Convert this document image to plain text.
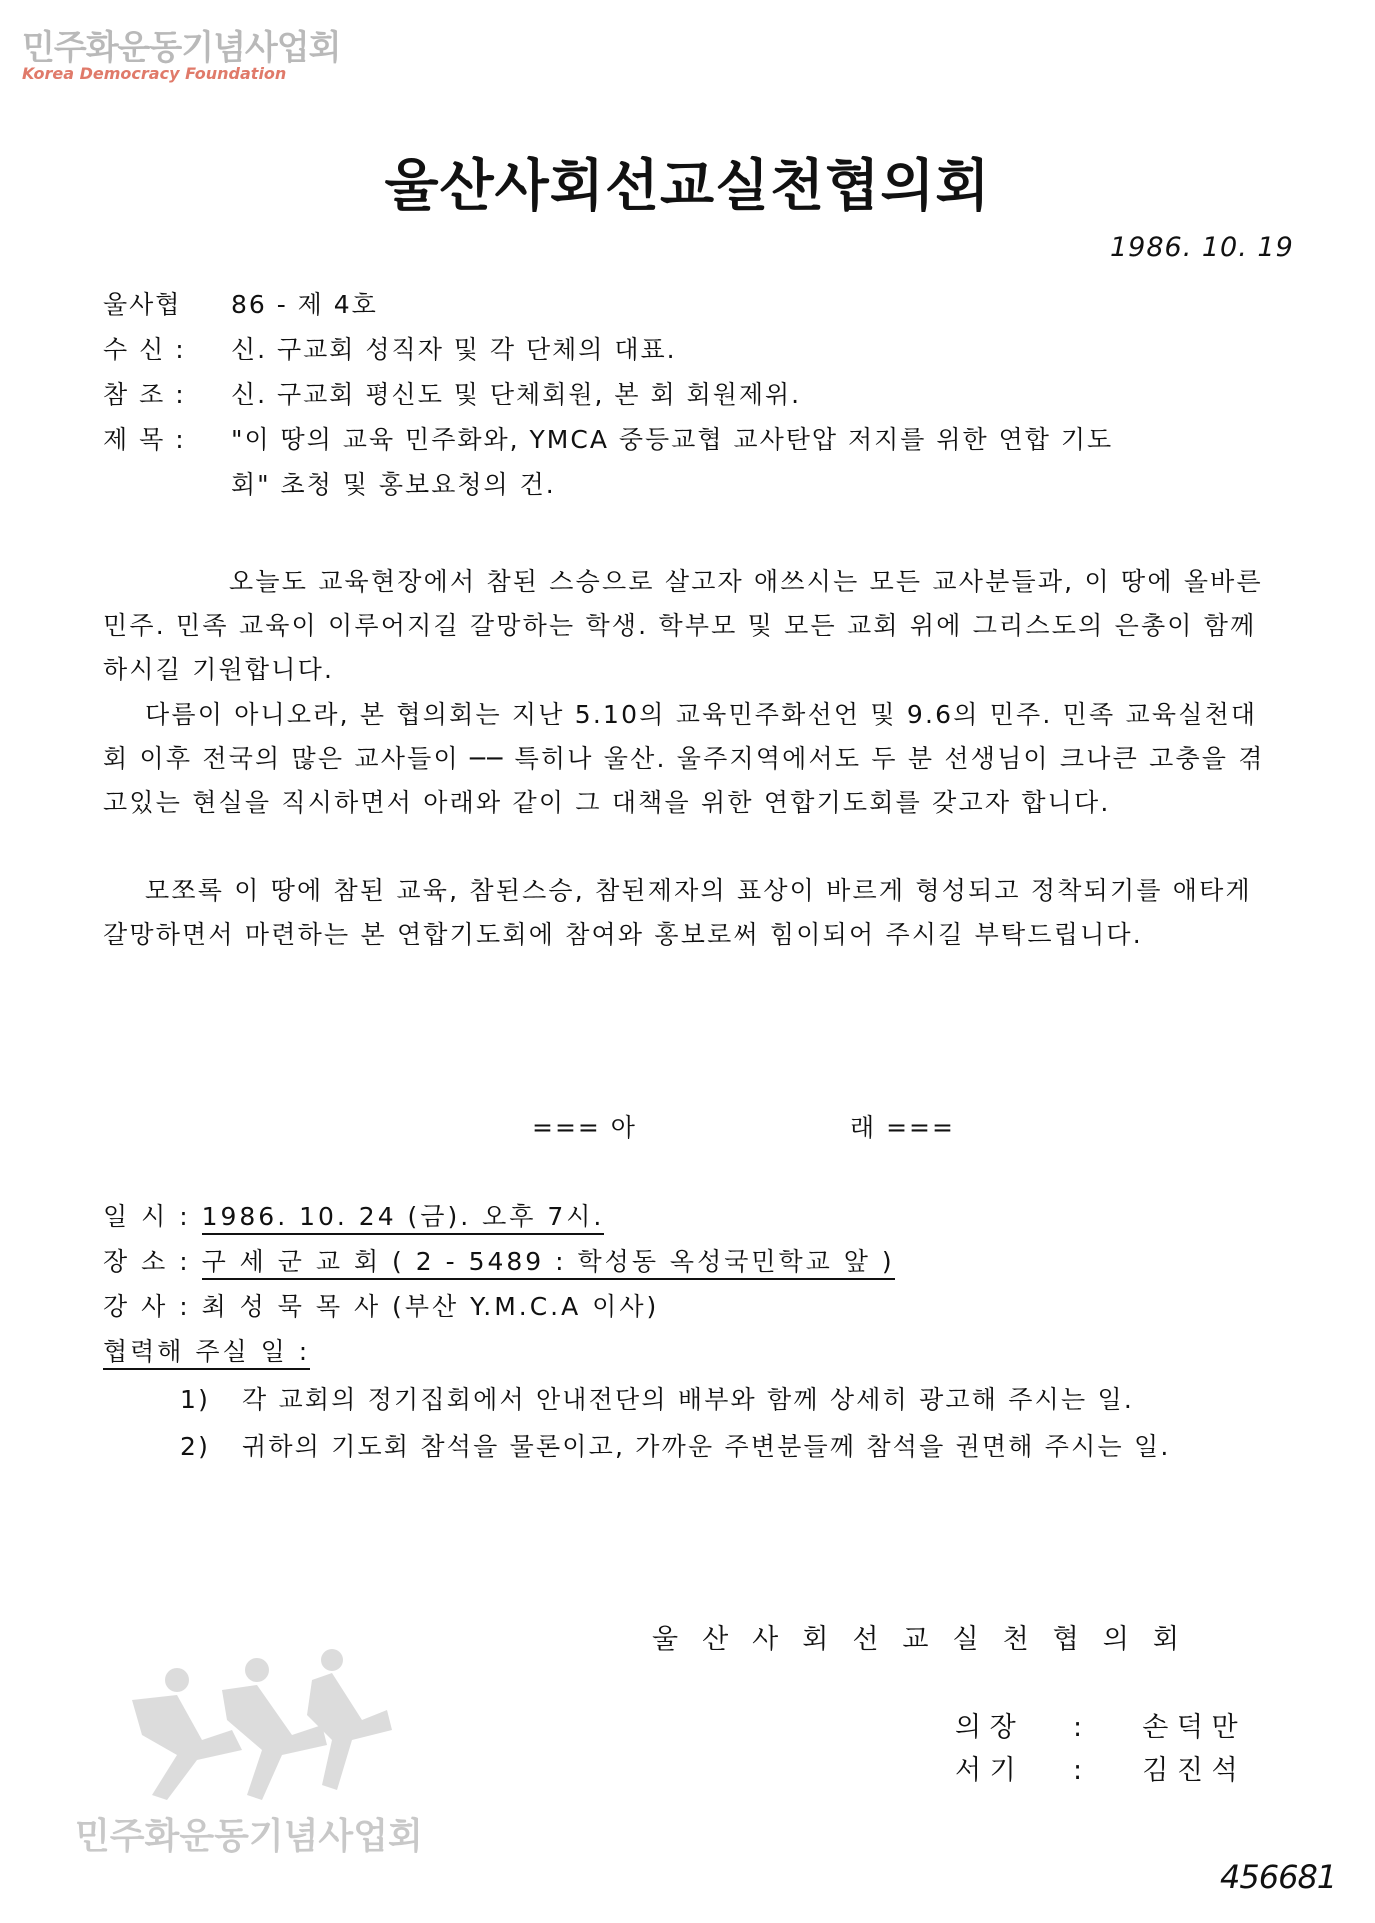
민주화운동기념사업회
Korea Democracy Foundation
울산사회선교실천협의회
1986. 10. 19
울사협 86 - 제 4호
수 신 : 신. 구교회 성직자 및 각 단체의 대표.
참 조 : 신. 구교회 평신도 및 단체회원, 본 회 회원제위.
제 목 : "이 땅의 교육 민주화와, YMCA 중등교협 교사탄압 저지를 위한 연합 기도
회" 초청 및 홍보요청의 건.
오늘도 교육현장에서 참된 스승으로 살고자 애쓰시는 모든 교사분들과, 이 땅에 올바른 민주. 민족 교육이 이루어지길 갈망하는 학생. 학부모 및 모든 교회 위에 그리스도의 은총이 함께 하시길 기원합니다.
다름이 아니오라, 본 협의회는 지난 5.10의 교육민주화선언 및 9.6의 민주. 민족 교육실천대회 이후 전국의 많은 교사들이 ── 특히나 울산. 울주지역에서도 두 분 선생님이 크나큰 고충을 겪고있는 현실을 직시하면서 아래와 같이 그 대책을 위한 연합기도회를 갖고자 합니다.
모쪼록 이 땅에 참된 교육, 참된스승, 참된제자의 표상이 바르게 형성되고 정착되기를 애타게 갈망하면서 마련하는 본 연합기도회에 참여와 홍보로써 힘이되어 주시길 부탁드립니다.
=== 아	래 ===
일 시 : 1986. 10. 24 (금). 오후 7시.
장 소 : 구 세 군 교 회 ( 2 - 5489 : 학성동 옥성국민학교 앞 )
강 사 : 최 성 묵 목 사 (부산 Y.M.C.A 이사)
협력해 주실 일 :
1) 각 교회의 정기집회에서 안내전단의 배부와 함께 상세히 광고해 주시는 일.
2) 귀하의 기도회 참석을 물론이고, 가까운 주변분들께 참석을 권면해 주시는 일.
울산사회선교실천협의회
의 장 : 손 덕 만
서 기 : 김 진 석
민주화운동기념사업회
456681
